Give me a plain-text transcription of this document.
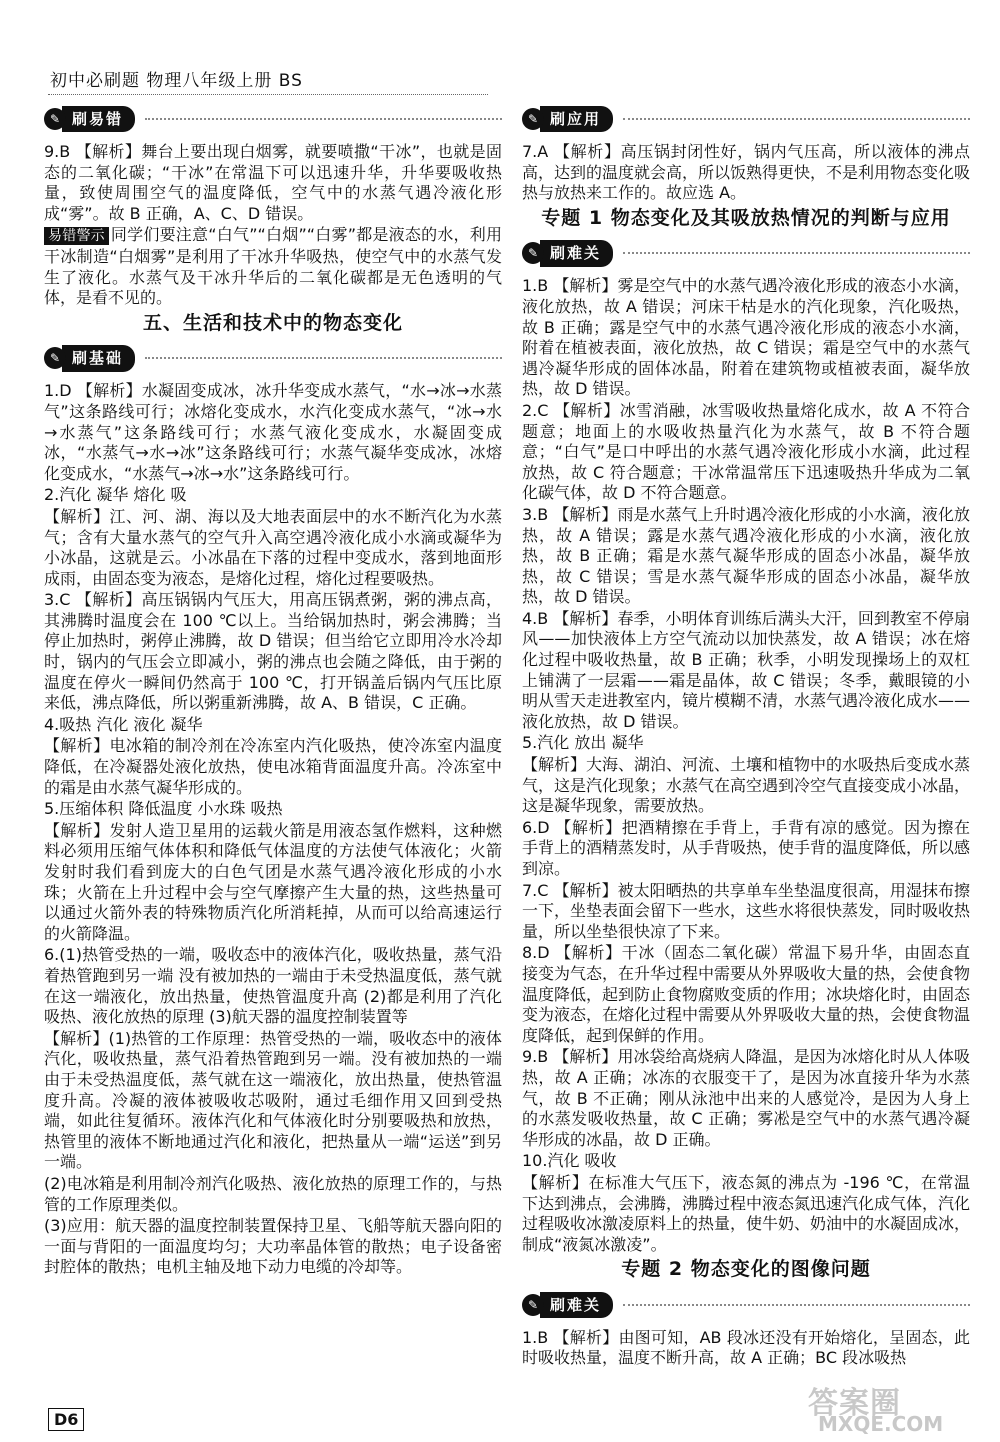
初中必刷题 物理八年级上册 BS
✎ 刷易错
9.B 【解析】舞台上要出现白烟雾，就要喷撒“干冰”，也就是固态的二氧化碳；“干冰”在常温下可以迅速升华，升华要吸收热量，致使周围空气的温度降低，空气中的水蒸气遇冷液化形成“雾”。故 B 正确，A、C、D 错误。
易错警示 同学们要注意“白气”“白烟”“白雾”都是液态的水，利用干冰制造“白烟雾”是利用了干冰升华吸热，使空气中的水蒸气发生了液化。水蒸气及干冰升华后的二氧化碳都是无色透明的气体，是看不见的。
五、生活和技术中的物态变化
✎ 刷基础
1.D 【解析】水凝固变成冰，冰升华变成水蒸气，“水→冰→水蒸气”这条路线可行；冰熔化变成水，水汽化变成水蒸气，“冰→水→水蒸气”这条路线可行；水蒸气液化变成水，水凝固变成冰，“水蒸气→水→冰”这条路线可行；水蒸气凝华变成冰，冰熔化变成水，“水蒸气→冰→水”这条路线可行。
2.汽化 凝华 熔化 吸
【解析】江、河、湖、海以及大地表面层中的水不断汽化为水蒸气；含有大量水蒸气的空气升入高空遇冷液化成小水滴或凝华为小冰晶，这就是云。小冰晶在下落的过程中变成水，落到地面形成雨，由固态变为液态，是熔化过程，熔化过程要吸热。
3.C 【解析】高压锅锅内气压大，用高压锅煮粥，粥的沸点高，其沸腾时温度会在 100 ℃以上。当给锅加热时，粥会沸腾；当停止加热时，粥停止沸腾，故 D 错误；但当给它立即用冷水冷却时，锅内的气压会立即减小，粥的沸点也会随之降低，由于粥的温度在停火一瞬间仍然高于 100 ℃，打开锅盖后锅内气压比原来低，沸点降低，所以粥重新沸腾，故 A、B 错误，C 正确。
4.吸热 汽化 液化 凝华
【解析】电冰箱的制冷剂在冷冻室内汽化吸热，使冷冻室内温度降低，在冷凝器处液化放热，使电冰箱背面温度升高。冷冻室中的霜是由水蒸气凝华形成的。
5.压缩体积 降低温度 小水珠 吸热
【解析】发射人造卫星用的运载火箭是用液态氢作燃料，这种燃料必须用压缩气体体积和降低气体温度的方法使气体液化；火箭发射时我们看到庞大的白色气团是水蒸气遇冷液化形成的小水珠；火箭在上升过程中会与空气摩擦产生大量的热，这些热量可以通过火箭外表的特殊物质汽化所消耗掉，从而可以给高速运行的火箭降温。
6.(1)热管受热的一端，吸收态中的液体汽化，吸收热量，蒸气沿着热管跑到另一端 没有被加热的一端由于未受热温度低，蒸气就在这一端液化，放出热量，使热管温度升高 (2)都是利用了汽化吸热、液化放热的原理 (3)航天器的温度控制装置等
【解析】(1)热管的工作原理：热管受热的一端，吸收态中的液体汽化，吸收热量，蒸气沿着热管跑到另一端。没有被加热的一端由于未受热温度低，蒸气就在这一端液化，放出热量，使热管温度升高。冷凝的液体被吸收芯吸附，通过毛细作用又回到受热端，如此往复循环。液体汽化和气体液化时分别要吸热和放热，热管里的液体不断地通过汽化和液化，把热量从一端“运送”到另一端。
(2)电冰箱是利用制冷剂汽化吸热、液化放热的原理工作的，与热管的工作原理类似。
(3)应用：航天器的温度控制装置保持卫星、飞船等航天器向阳的一面与背阳的一面温度均匀；大功率晶体管的散热；电子设备密封腔体的散热；电机主轴及地下动力电缆的冷却等。
✎ 刷应用
7.A 【解析】高压锅封闭性好，锅内气压高，所以液体的沸点高，达到的温度就会高，所以饭熟得更快，不是利用物态变化吸热与放热来工作的。故应选 A。
专题 1 物态变化及其吸放热情况的判断与应用
✎ 刷难关
1.B 【解析】雾是空气中的水蒸气遇冷液化形成的液态小水滴，液化放热，故 A 错误；河床干枯是水的汽化现象，汽化吸热，故 B 正确；露是空气中的水蒸气遇冷液化形成的液态小水滴，附着在植被表面，液化放热，故 C 错误；霜是空气中的水蒸气遇冷凝华形成的固体冰晶，附着在建筑物或植被表面，凝华放热，故 D 错误。
2.C 【解析】冰雪消融，冰雪吸收热量熔化成水，故 A 不符合题意；地面上的水吸收热量汽化为水蒸气，故 B 不符合题意；“白气”是口中呼出的水蒸气遇冷液化形成小水滴，此过程放热，故 C 符合题意；干冰常温常压下迅速吸热升华成为二氧化碳气体，故 D 不符合题意。
3.B 【解析】雨是水蒸气上升时遇冷液化形成的小水滴，液化放热，故 A 错误；露是水蒸气遇冷液化形成的小水滴，液化放热，故 B 正确；霜是水蒸气凝华形成的固态小冰晶，凝华放热，故 C 错误；雪是水蒸气凝华形成的固态小冰晶，凝华放热，故 D 错误。
4.B 【解析】春季，小明体育训练后满头大汗，回到教室不停扇风——加快液体上方空气流动以加快蒸发，故 A 错误；冰在熔化过程中吸收热量，故 B 正确；秋季，小明发现操场上的双杠上铺满了一层霜——霜是晶体，故 C 错误；冬季，戴眼镜的小明从雪天走进教室内，镜片模糊不清，水蒸气遇冷液化成水——液化放热，故 D 错误。
5.汽化 放出 凝华
【解析】大海、湖泊、河流、土壤和植物中的水吸热后变成水蒸气，这是汽化现象；水蒸气在高空遇到冷空气直接变成小冰晶，这是凝华现象，需要放热。
6.D 【解析】把酒精擦在手背上，手背有凉的感觉。因为擦在手背上的酒精蒸发时，从手背吸热，使手背的温度降低，所以感到凉。
7.C 【解析】被太阳晒热的共享单车坐垫温度很高，用湿抹布擦一下，坐垫表面会留下一些水，这些水将很快蒸发，同时吸收热量，所以坐垫很快凉了下来。
8.D 【解析】干冰（固态二氧化碳）常温下易升华，由固态直接变为气态，在升华过程中需要从外界吸收大量的热，会使食物温度降低，起到防止食物腐败变质的作用；冰块熔化时，由固态变为液态，在熔化过程中需要从外界吸收大量的热，会使食物温度降低，起到保鲜的作用。
9.B 【解析】用冰袋给高烧病人降温，是因为冰熔化时从人体吸热，故 A 正确；冰冻的衣服变干了，是因为冰直接升华为水蒸气，故 B 不正确；刚从泳池中出来的人感觉冷，是因为人身上的水蒸发吸收热量，故 C 正确；雾凇是空气中的水蒸气遇冷凝华形成的冰晶，故 D 正确。
10.汽化 吸收
【解析】在标准大气压下，液态氮的沸点为 -196 ℃，在常温下达到沸点，会沸腾，沸腾过程中液态氮迅速汽化成气体，汽化过程吸收冰激凌原料上的热量，使牛奶、奶油中的水凝固成冰，制成“液氮冰激凌”。
专题 2 物态变化的图像问题
✎ 刷难关
1.B 【解析】由图可知，AB 段冰还没有开始熔化，呈固态，此时吸收热量，温度不断升高，故 A 正确；BC 段冰吸热
D6	答案圈
MXQE.COM
